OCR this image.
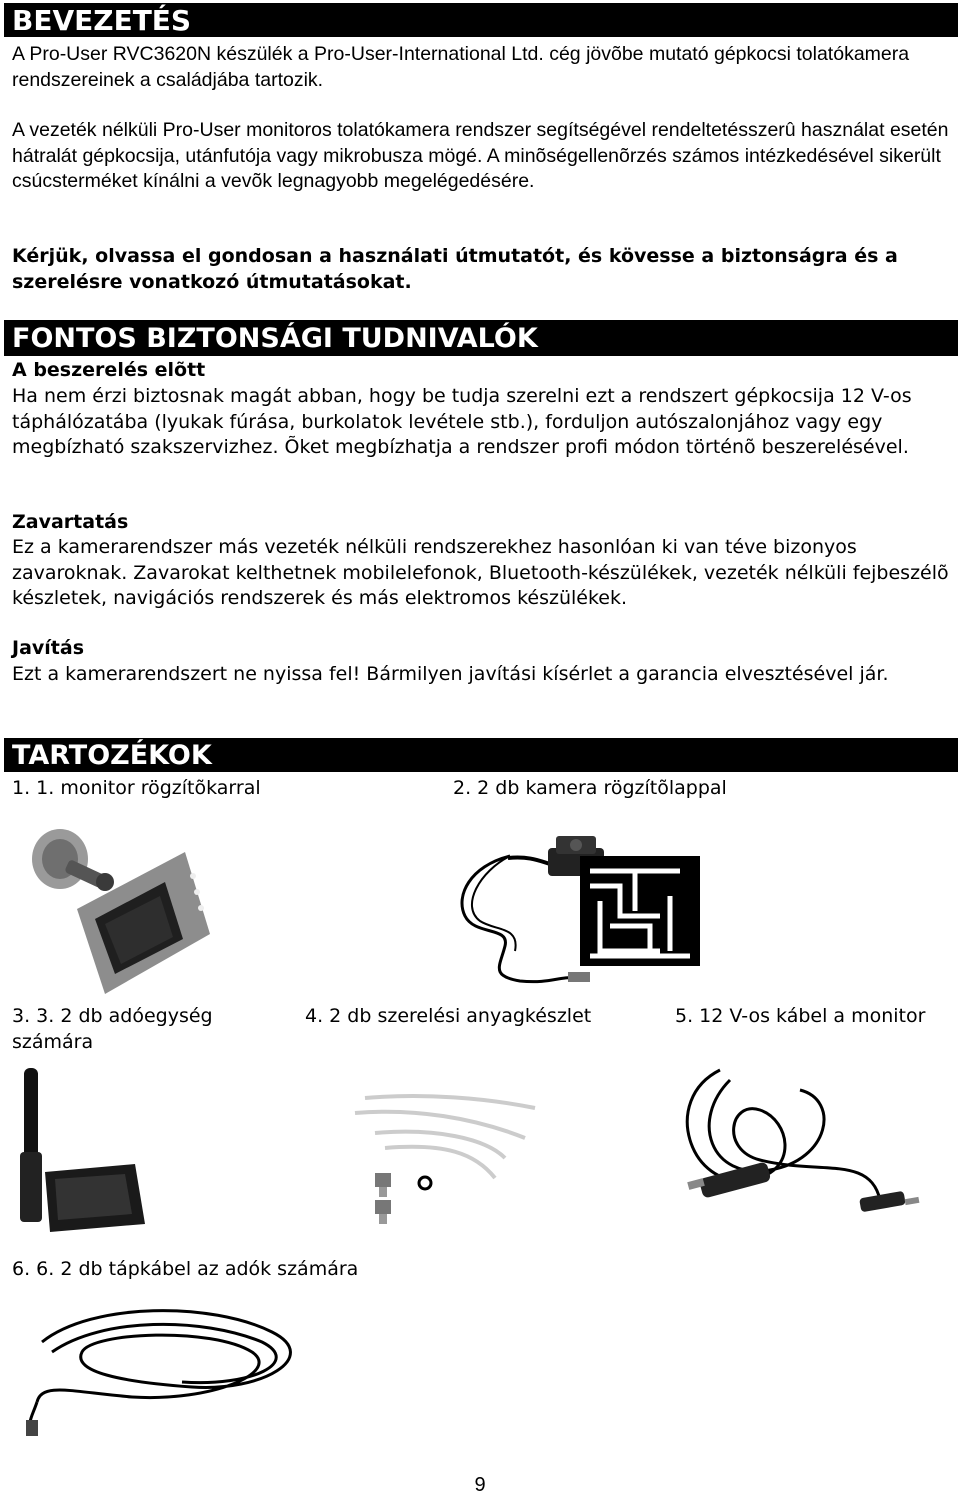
BEVEZETÉS

A Pro-User RVC3620N készülék a Pro-User-International Ltd. cég jövõbe mutató gépkocsi tolatókamera rendszereinek a családjába tartozik.

A vezeték nélküli Pro-User monitoros tolatókamera rendszer segítségével rendeltetésszerû használat esetén hátralát gépkocsija, utánfutója vagy mikrobusza mögé. A minõségellenõrzés számos intézkedésével sikerült csúcsterméket kínálni a vevõk legnagyobb megelégedésére.

Kérjük, olvassa el gondosan a használati útmutatót, és kövesse a biztonságra és a szerelésre vonatkozó útmutatásokat.

FONTOS BIZTONSÁGI TUDNIVALÓK
A beszerelés elõtt

Ha nem érzi biztosnak magát abban, hogy be tudja szerelni ezt a rendszert gépkocsija 12 V-os táphálózatába (lyukak fúrása, burkolatok levétele stb.), forduljon autószalonjához vagy egy megbízható szakszervizhez. Õket megbízhatja a rendszer profi módon történõ beszerelésével.

Zavartatás

Ez a kamerarendszer más vezeték nélküli rendszerekhez hasonlóan ki van téve bizonyos zavaroknak. Zavarokat kelthetnek mobilelefonok, Bluetooth-készülékek, vezeték nélküli fejbeszélõ készletek, navigációs rendszerek és más elektromos készülékek.

Javítás

Ezt a kamerarendszert ne nyissa fel! Bármilyen javítási kísérlet a garancia elvesztésével jár.

TARTOZÉKOK
1. 1. monitor rögzítõkarral	2. 2 db kamera rögzítõlappal
3. 3. 2 db adóegység számára
4. 2 db szerelési anyagkészlet	5. 12 V-os kábel a monitor
6. 6. 2 db tápkábel az adók számára
9
